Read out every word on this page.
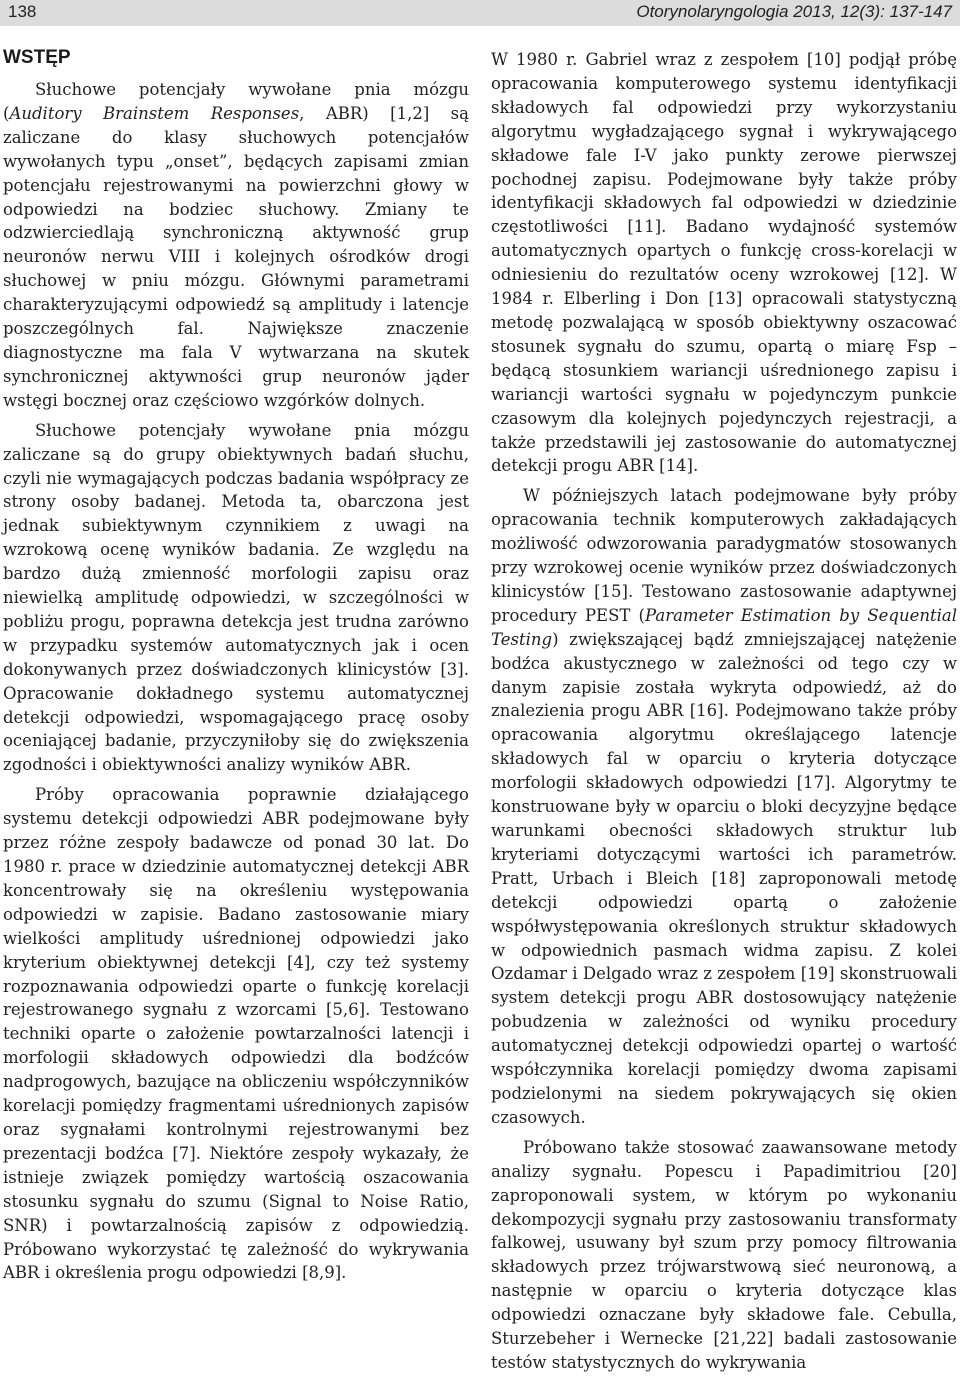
138	Otorynolaryngologia 2013, 12(3): 137-147
WSTĘP

Słuchowe potencjały wywołane pnia mózgu (Auditory Brainstem Responses, ABR) [1,2] są zaliczane do klasy słuchowych potencjałów wywołanych typu „onset”, będących zapisami zmian potencjału rejestrowanymi na powierzchni głowy w odpowiedzi na bodziec słuchowy. Zmiany te odzwierciedlają synchroniczną aktywność grup neuronów nerwu VIII i kolejnych ośrodków drogi słuchowej w pniu mózgu. Głównymi parametrami charakteryzującymi odpowiedź są amplitudy i latencje poszczególnych fal. Największe znaczenie diagnostyczne ma fala V wytwarzana na skutek synchronicznej aktywności grup neuronów jąder wstęgi bocznej oraz częściowo wzgórków dolnych.

Słuchowe potencjały wywołane pnia mózgu zaliczane są do grupy obiektywnych badań słuchu, czyli nie wymagających podczas badania współpracy ze strony osoby badanej. Metoda ta, obarczona jest jednak subiektywnym czynnikiem z uwagi na wzrokową ocenę wyników badania. Ze względu na bardzo dużą zmienność morfologii zapisu oraz niewielką amplitudę odpowiedzi, w szczególności w pobliżu progu, poprawna detekcja jest trudna zarówno w przypadku systemów automatycznych jak i ocen dokonywanych przez doświadczonych klinicystów [3]. Opracowanie dokładnego systemu automatycznej detekcji odpowiedzi, wspomagającego pracę osoby oceniającej badanie, przyczyniłoby się do zwiększenia zgodności i obiektywności analizy wyników ABR.

Próby opracowania poprawnie działającego systemu detekcji odpowiedzi ABR podejmowane były przez różne zespoły badawcze od ponad 30 lat. Do 1980 r. prace w dziedzinie automatycznej detekcji ABR koncentrowały się na określeniu występowania odpowiedzi w zapisie. Badano zastosowanie miary wielkości amplitudy uśrednionej odpowiedzi jako kryterium obiektywnej detekcji [4], czy też systemy rozpoznawania odpowiedzi oparte o funkcję korelacji rejestrowanego sygnału z wzorcami [5,6]. Testowano techniki oparte o założenie powtarzalności latencji i morfologii składowych odpowiedzi dla bodźców nadprogowych, bazujące na obliczeniu współczynników korelacji pomiędzy fragmentami uśrednionych zapisów oraz sygnałami kontrolnymi rejestrowanymi bez prezentacji bodźca [7]. Niektóre zespoły wykazały, że istnieje związek pomiędzy wartością oszacowania stosunku sygnału do szumu (Signal to Noise Ratio, SNR) i powtarzalnością zapisów z odpowiedzią. Próbowano wykorzystać tę zależność do wykrywania ABR i określenia progu odpowiedzi [8,9].

W 1980 r. Gabriel wraz z zespołem [10] podjął próbę opracowania komputerowego systemu identyfikacji składowych fal odpowiedzi przy wykorzystaniu algorytmu wygładzającego sygnał i wykrywającego składowe fale I-V jako punkty zerowe pierwszej pochodnej zapisu. Podejmowane były także próby identyfikacji składowych fal odpowiedzi w dziedzinie częstotliwości [11]. Badano wydajność systemów automatycznych opartych o funkcję cross-korelacji w odniesieniu do rezultatów oceny wzrokowej [12]. W 1984 r. Elberling i Don [13] opracowali statystyczną metodę pozwalającą w sposób obiektywny oszacować stosunek sygnału do szumu, opartą o miarę Fsp – będącą stosunkiem wariancji uśrednionego zapisu i wariancji wartości sygnału w pojedynczym punkcie czasowym dla kolejnych pojedynczych rejestracji, a także przedstawili jej zastosowanie do automatycznej detekcji progu ABR [14].

W późniejszych latach podejmowane były próby opracowania technik komputerowych zakładających możliwość odwzorowania paradygmatów stosowanych przy wzrokowej ocenie wyników przez doświadczonych klinicystów [15]. Testowano zastosowanie adaptywnej procedury PEST (Parameter Estimation by Sequential Testing) zwiększającej bądź zmniejszającej natężenie bodźca akustycznego w zależności od tego czy w danym zapisie została wykryta odpowiedź, aż do znalezienia progu ABR [16]. Podejmowano także próby opracowania algorytmu określającego latencje składowych fal w oparciu o kryteria dotyczące morfologii składowych odpowiedzi [17]. Algorytmy te konstruowane były w oparciu o bloki decyzyjne będące warunkami obecności składowych struktur lub kryteriami dotyczącymi wartości ich parametrów. Pratt, Urbach i Bleich [18] zaproponowali metodę detekcji odpowiedzi opartą o założenie współwystępowania określonych struktur składowych w odpowiednich pasmach widma zapisu. Z kolei Ozdamar i Delgado wraz z zespołem [19] skonstruowali system detekcji progu ABR dostosowujący natężenie pobudzenia w zależności od wyniku procedury automatycznej detekcji odpowiedzi opartej o wartość współczynnika korelacji pomiędzy dwoma zapisami podzielonymi na siedem pokrywających się okien czasowych.

Próbowano także stosować zaawansowane metody analizy sygnału. Popescu i Papadimitriou [20] zaproponowali system, w którym po wykonaniu dekompozycji sygnału przy zastosowaniu transformaty falkowej, usuwany był szum przy pomocy filtrowania składowych przez trójwarstwową sieć neuronową, a następnie w oparciu o kryteria dotyczące klas odpowiedzi oznaczane były składowe fale. Cebulla, Sturzebeher i Wernecke [21,22] badali zastosowanie testów statystycznych do wykrywania
